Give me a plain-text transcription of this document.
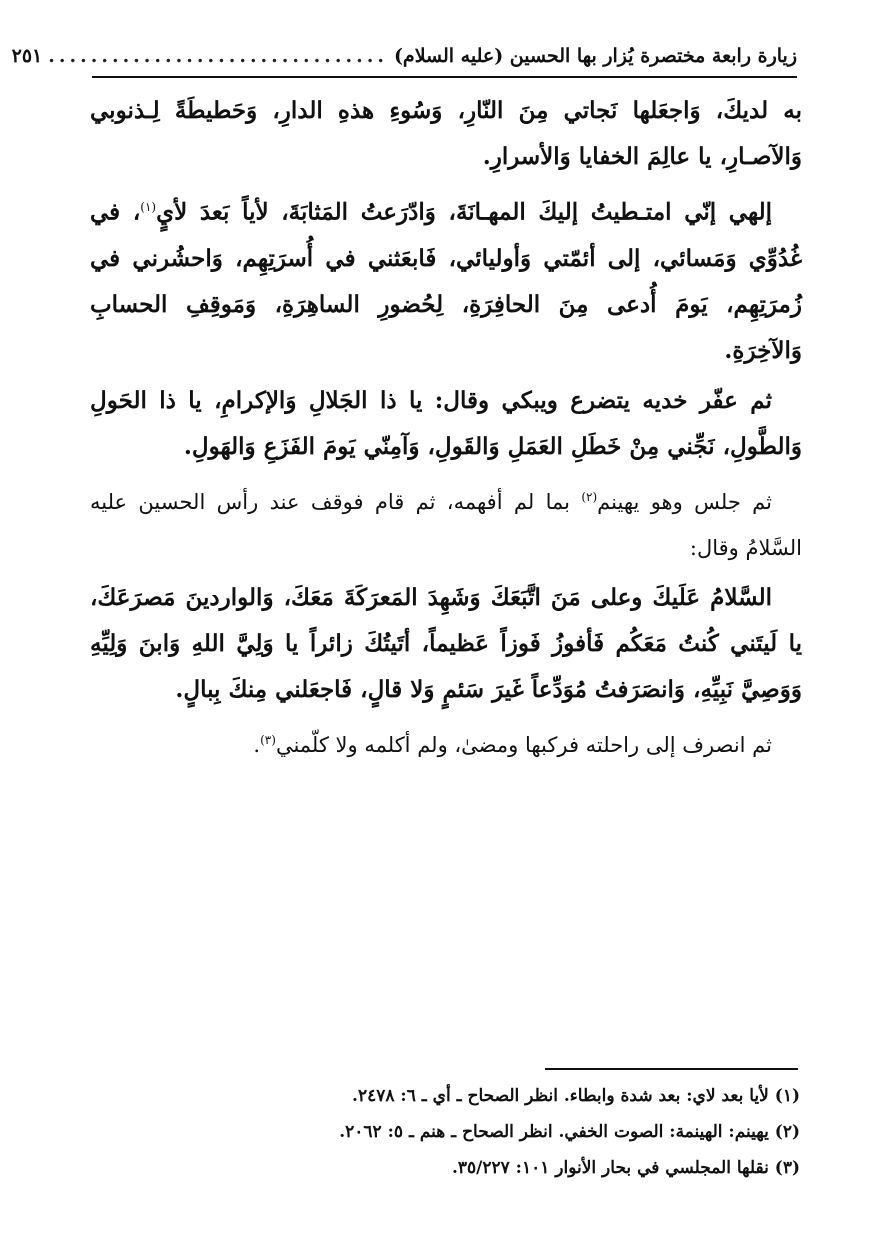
زيارة رابعة مختصرة يُزار بها الحسين (عليه السلام)
................................
٢٥١

به لديكَ، وَاجعَلها نَجاتي مِنَ النّارِ، وَسُوءِ هذهِ الدارِ، وَحَطيطَةً لِـذنوبي وَالآصـارِ، يا عالِمَ الخفايا وَالأسرارِ.

إلهي إنّي امتـطيتُ إليكَ المهـانَةَ، وَادّرَعتُ المَثابَةَ، لأياً بَعدَ لأيٍ$^{(١)}$، في غُدُوِّي وَمَسائي، إلى أئمّتي وَأوليائي، فَابعَثني في أُسرَتِهِم، وَاحشُرني في زُمرَتِهِم، يَومَ أُدعى مِنَ الحافِرَةِ، لِحُضورِ الساهِرَةِ، وَمَوقِفِ الحسابِ وَالآخِرَةِ.

ثم عفّر خديه يتضرع ويبكي وقال: يا ذا الجَلالِ وَالإكرامِ، يا ذا الحَولِ وَالطَّولِ، نَجِّني مِنْ خَطَلِ العَمَلِ وَالقَولِ، وَآمِنّي يَومَ الفَزَعِ وَالهَولِ.

ثم جلس وهو يهينم$^{(٢)}$ بما لم أفهمه، ثم قام فوقف عند رأس الحسين عليه السَّلامُ وقال:

السَّلامُ عَلَيكَ وعلى مَنَ اتَّبَعَكَ وَشَهِدَ المَعرَكَةَ مَعَكَ، وَالواردينَ مَصرَعَكَ، يا لَيتَني كُنتُ مَعَكُم فَأفوزُ فَوزاً عَظيماً، أتَيتُكَ زائراً يا وَلِيَّ اللهِ وَابنَ وَلِيِّهِ وَوَصِيَّ نَبِيِّهِ، وَانصَرَفتُ مُوَدِّعاً غَيرَ سَئمٍ وَلا قالٍ، فَاجعَلني مِنكَ بِبالٍ.

ثم انصرف إلى راحلته فركبها ومضىٰ، ولم أكلمه ولا كلّمني$^{(٣)}$.

(١) لأيا بعد لاي: بعد شدة وابطاء. انظر الصحاح ـ أي ـ ٦: ٢٤٧٨.
(٢) يهينم: الهينمة: الصوت الخفي. انظر الصحاح ـ هنم ـ ٥: ٢٠٦٢.
(٣) نقلها المجلسي في بحار الأنوار ١٠١: ٣٥/٢٢٧.
